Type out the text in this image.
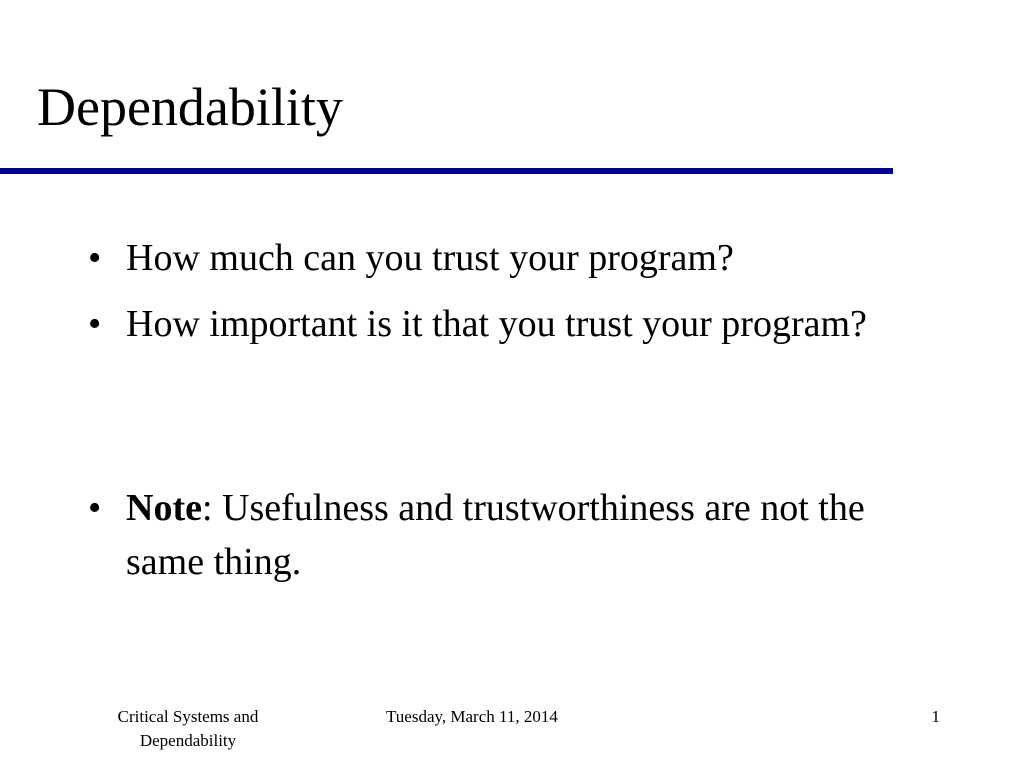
Dependability
• How much can you trust your program?
• How important is it that you trust your program?
• Note: Usefulness and trustworthiness are not the same thing.
Critical Systems and Dependability
Tuesday, March 11, 2014	1
